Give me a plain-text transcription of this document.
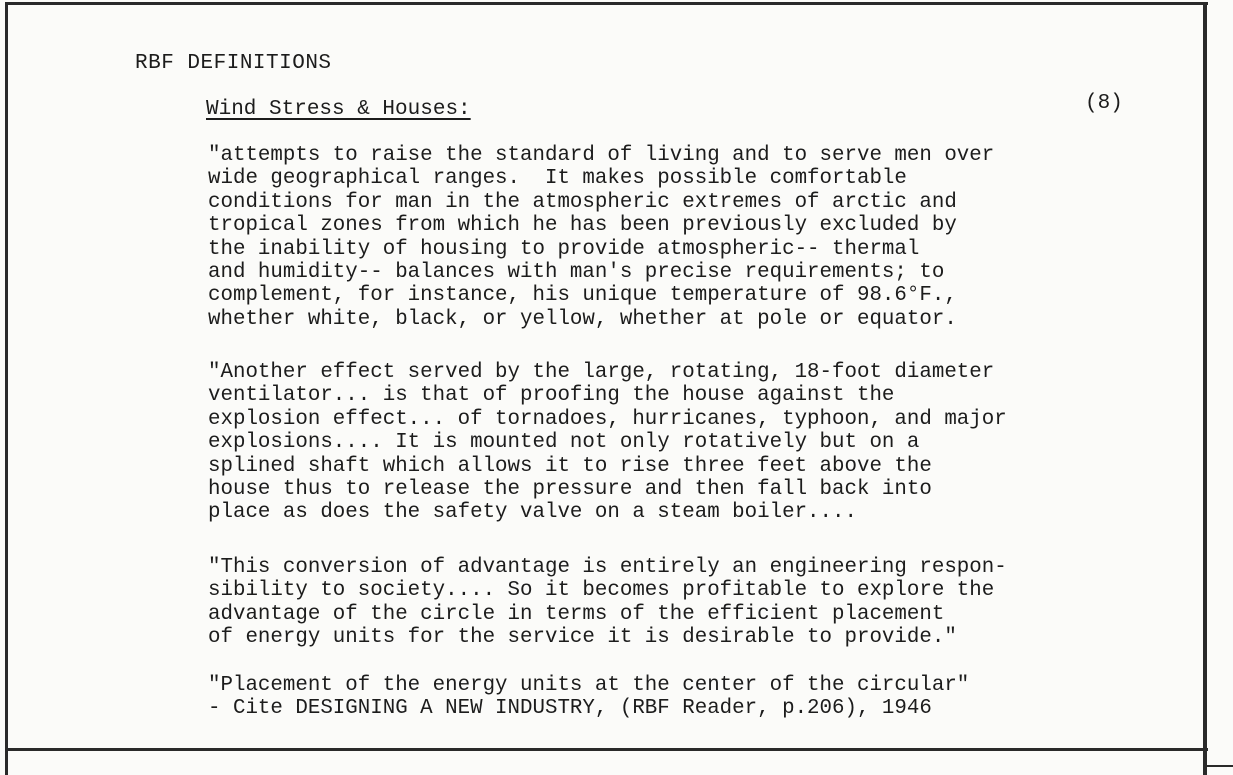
RBF DEFINITIONS
Wind Stress & Houses:	(8)
"attempts to raise the standard of living and to serve men over
wide geographical ranges.  It makes possible comfortable
conditions for man in the atmospheric extremes of arctic and
tropical zones from which he has been previously excluded by
the inability of housing to provide atmospheric-- thermal
and humidity-- balances with man's precise requirements; to
complement, for instance, his unique temperature of 98.6°F.,
whether white, black, or yellow, whether at pole or equator.
"Another effect served by the large, rotating, 18-foot diameter
ventilator... is that of proofing the house against the
explosion effect... of tornadoes, hurricanes, typhoon, and major
explosions.... It is mounted not only rotatively but on a
splined shaft which allows it to rise three feet above the
house thus to release the pressure and then fall back into
place as does the safety valve on a steam boiler....
"This conversion of advantage is entirely an engineering respon-
sibility to society.... So it becomes profitable to explore the
advantage of the circle in terms of the efficient placement
of energy units for the service it is desirable to provide."
"Placement of the energy units at the center of the circular"
- Cite DESIGNING A NEW INDUSTRY, (RBF Reader, p.206), 1946
